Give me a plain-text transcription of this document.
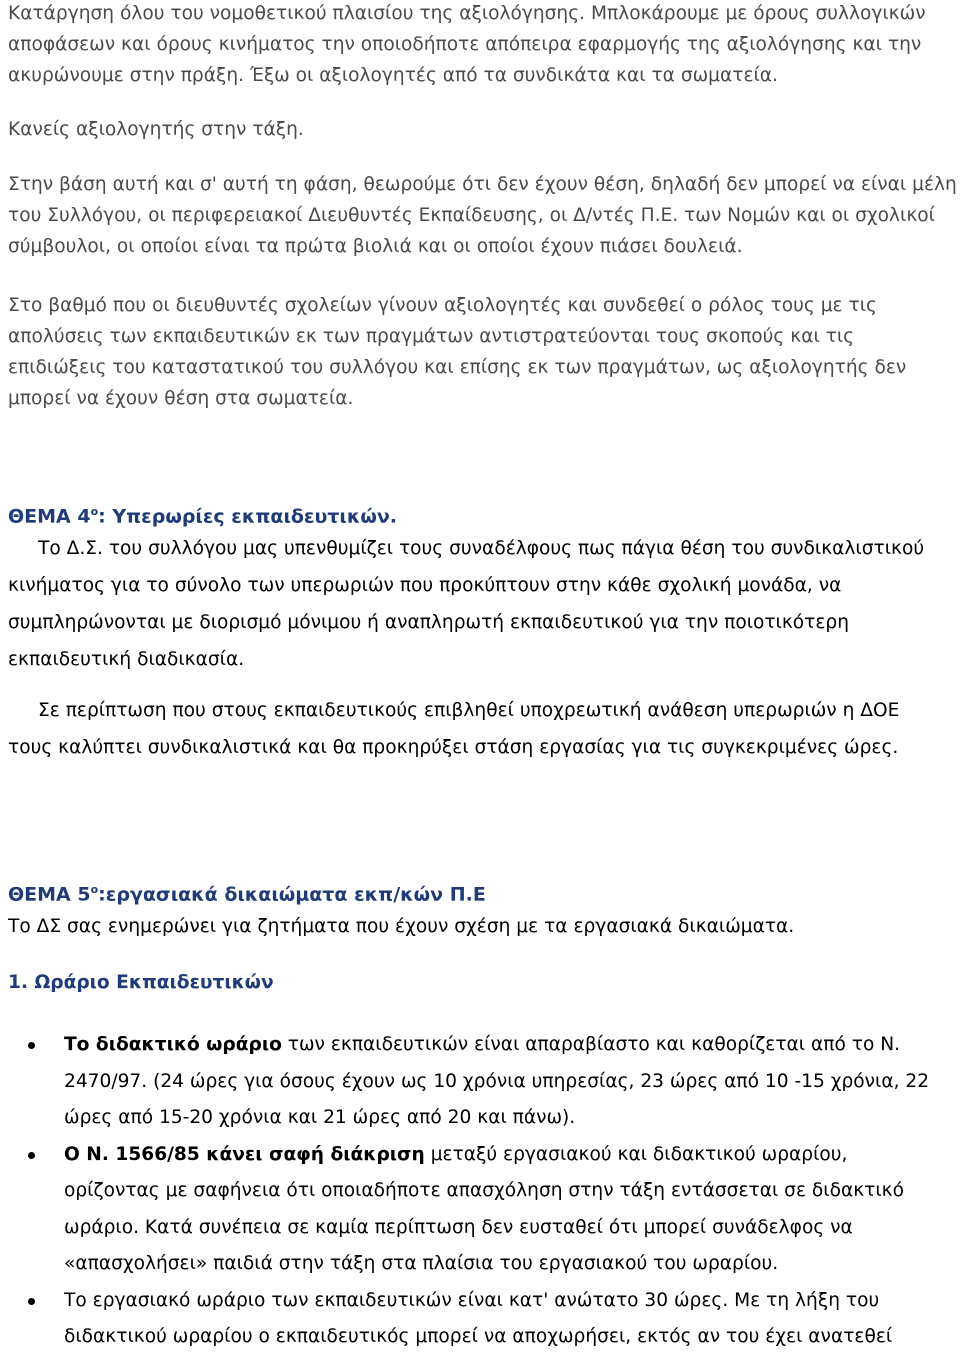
Κατάργηση όλου του νομοθετικού πλαισίου της αξιολόγησης. Μπλοκάρουμε με όρους συλλογικών αποφάσεων και όρους κινήματος την οποιοδήποτε απόπειρα εφαρμογής της αξιολόγησης και την ακυρώνουμε στην πράξη. Έξω οι αξιολογητές από τα συνδικάτα και τα σωματεία.

Κανείς αξιολογητής στην τάξη.

Στην βάση αυτή και σ' αυτή τη φάση, θεωρούμε ότι δεν έχουν θέση, δηλαδή δεν μπορεί να είναι μέλη του Συλλόγου, οι περιφερειακοί Διευθυντές Εκπαίδευσης, οι Δ/ντές Π.Ε. των Νομών και οι σχολικοί σύμβουλοι, οι οποίοι είναι τα πρώτα βιολιά και οι οποίοι έχουν πιάσει δουλειά.

Στο βαθμό που οι διευθυντές σχολείων γίνουν αξιολογητές και συνδεθεί ο ρόλος τους με τις απολύσεις των εκπαιδευτικών εκ των πραγμάτων αντιστρατεύονται τους σκοπούς και τις επιδιώξεις του καταστατικού του συλλόγου και επίσης εκ των πραγμάτων, ως αξιολογητής δεν μπορεί να έχουν θέση στα σωματεία.

ΘΕΜΑ $4^o$: Υπερωρίες εκπαιδευτικών.

Το Δ.Σ. του συλλόγου μας υπενθυμίζει τους συναδέλφους πως πάγια θέση του συνδικαλιστικού κινήματος για το σύνολο των υπερωριών που προκύπτουν στην κάθε σχολική μονάδα, να συμπληρώνονται με διορισμό μόνιμου ή αναπληρωτή εκπαιδευτικού για την ποιοτικότερη εκπαιδευτική διαδικασία.

Σε περίπτωση που στους εκπαιδευτικούς επιβληθεί υποχρεωτική ανάθεση υπερωριών η ΔΟΕ τους καλύπτει συνδικαλιστικά και θα προκηρύξει στάση εργασίας για τις συγκεκριμένες ώρες.

ΘΕΜΑ $5^o:\varepsilon\rho\gamma\alpha\sigma\iota\alpha\kappa ά$ δικαιώματα εκπ/κών Π.Ε

Το ΔΣ σας ενημερώνει για ζητήματα που έχουν σχέση με τα εργασιακά δικαιώματα.

1. Ωράριο Εκπαιδευτικών

Το διδακτικό ωράριο των εκπαιδευτικών είναι απαραβίαστο και καθορίζεται από το Ν. 2470/97. (24 ώρες για όσους έχουν ως 10 χρόνια υπηρεσίας, 23 ώρες από 10 -15 χρόνια, 22 ώρες από 15-20 χρόνια και 21 ώρες από 20 και πάνω).
Ο Ν. 1566/85 κάνει σαφή διάκριση μεταξύ εργασιακού και διδακτικού ωραρίου, ορίζοντας με σαφήνεια ότι οποιαδήποτε απασχόληση στην τάξη εντάσσεται σε διδακτικό ωράριο. Κατά συνέπεια σε καμία περίπτωση δεν ευσταθεί ότι μπορεί συνάδελφος να «απασχολήσει» παιδιά στην τάξη στα πλαίσια του εργασιακού του ωραρίου.
Το εργασιακό ωράριο των εκπαιδευτικών είναι κατ' ανώτατο 30 ώρες. Με τη λήξη του διδακτικού ωραρίου ο εκπαιδευτικός μπορεί να αποχωρήσει, εκτός αν του έχει ανατεθεί
